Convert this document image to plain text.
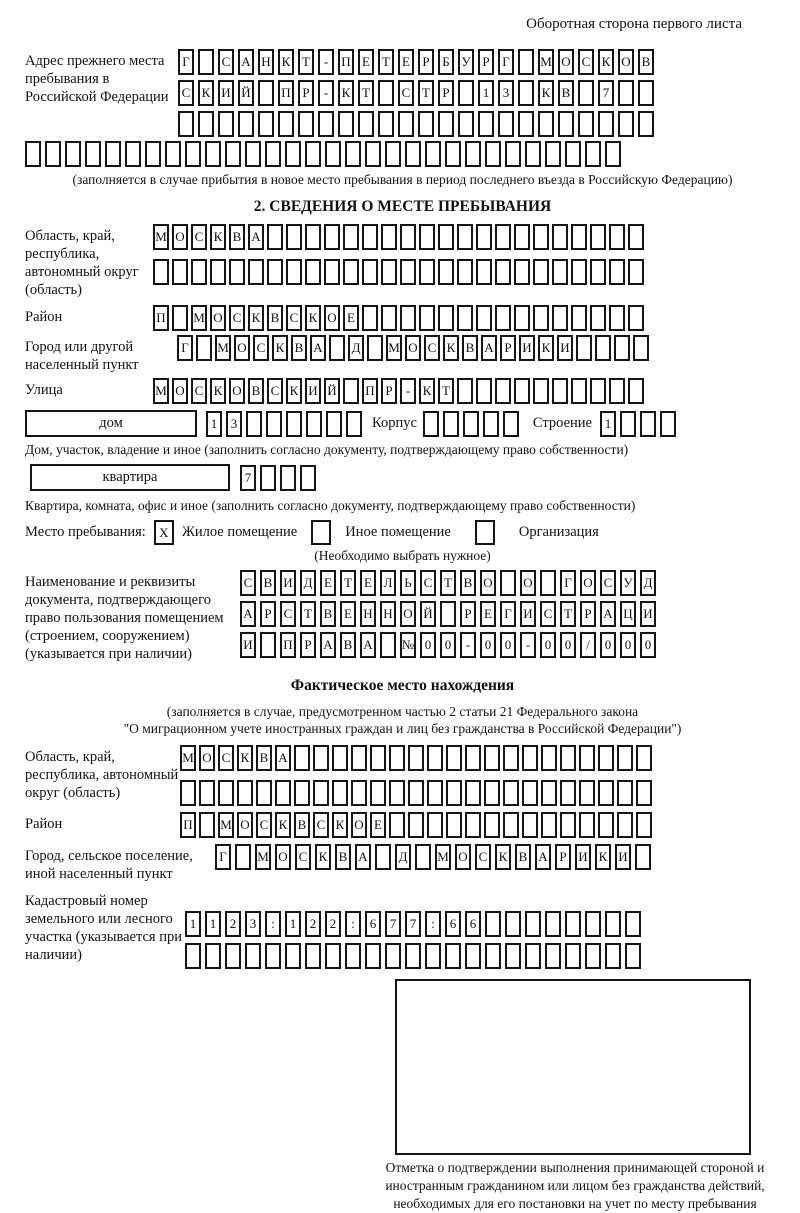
Оборотная сторона первого листа
Адрес прежнего места пребывания в Российской Федерации
Г	С А Н К Т	-	П Е Т Е Р Б У Р Г	М О С К О В
С К И Й П Р	-	К Т	С Т Р	1	3	К В	7
(заполняется в случае прибытия в новое место пребывания в период последнего въезда в Российскую Федерацию)
2. СВЕДЕНИЯ О МЕСТЕ ПРЕБЫВАНИЯ
Область, край, республика, автономный округ (область)
М О С К В А
Район	П М О С К В С К О Е
Город или другой населенный пункт
Г	М О С К В А Д М О С К В А Р И К И
Улица	М О С К О В С К И Й П Р	- К Т
дом	1	3	Корпус	Строение 1
Дом, участок, владение и иное (заполнить согласно документу, подтверждающему право собственности)
квартира	7
Квартира, комната, офис и иное (заполнить согласно документу, подтверждающему право собственности)
Место пребывания:	X Жилое помещение	Иное помещение	Организация
(Необходимо выбрать нужное)
Наименование и реквизиты документа, подтверждающего право пользования помещением (строением, сооружением) (указывается при наличии)
С В И Д Е Т Е Л Ь С Т В О О	Г О С У Д
А Р С Т В Е Н Н О Й	Р Е Г И С Т Р А Ц И
И П Р А В А № 0	0	-	0	0	-	0	0	/	0	0	0
Фактическое место нахождения
(заполняется в случае, предусмотренном частью 2 статьи 21 Федерального закона
"О миграционном учете иностранных граждан и лиц без гражданства в Российской Федерации")
Область, край, республика, автономный округ (область)
М О С К В А
Район	П М О С К В С К О Е
Город, сельское поселение, иной населенный пункт
Г	М О С К В А Д М О С К В А Р И К И
Кадастровый номер земельного или лесного участка (указывается при наличии)
1	1	2	3	:	1	2	2	:	6	7	7	:	6	6
Отметка о подтверждении выполнения принимающей стороной и иностранным гражданином или лицом без гражданства действий, необходимых для его постановки на учет по месту пребывания
